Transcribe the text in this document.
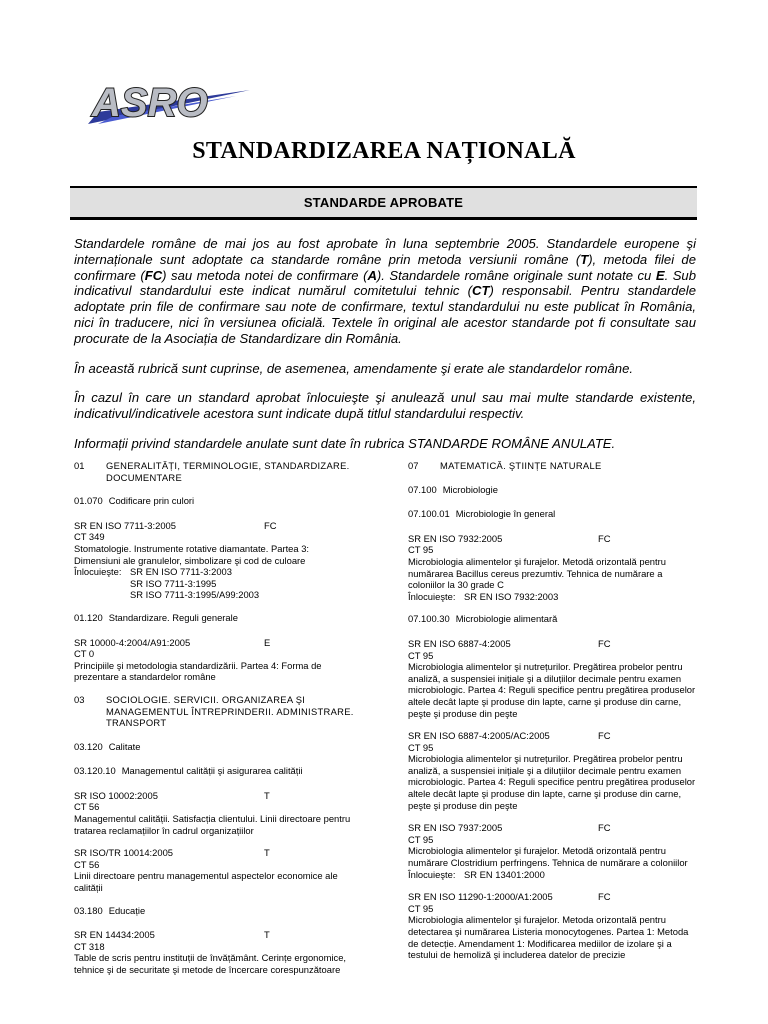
ASRO
STANDARDIZAREA NAȚIONALĂ
STANDARDE APROBATE

Standardele române de mai jos au fost aprobate în luna septembrie 2005. Standardele europene şi internaționale sunt adoptate ca standarde române prin metoda versiunii române (T), metoda filei de confirmare (FC) sau metoda notei de confirmare (A). Standardele române originale sunt notate cu E. Sub indicativul standardului este indicat numărul comitetului tehnic (CT) responsabil. Pentru standardele adoptate prin file de confirmare sau note de confirmare, textul standardului nu este publicat în România, nici în traducere, nici în versiunea oficială. Textele în original ale acestor standarde pot fi consultate sau procurate de la Asociația de Standardizare din România.

În această rubrică sunt cuprinse, de asemenea, amendamente şi erate ale standardelor române.

În cazul în care un standard aprobat înlocuieşte şi anulează unul sau mai multe standarde existente, indicativul/indicativele acestora sunt indicate după titlul standardului respectiv.

Informații privind standardele anulate sunt date în rubrica STANDARDE ROMÂNE ANULATE.

01	GENERALITĂȚI, TERMINOLOGIE, STANDARDIZARE. DOCUMENTARE
01.070 Codificare prin culori
SR EN ISO 7711-3:2005	FC
CT 349
Stomatologie. Instrumente rotative diamantate. Partea 3: Dimensiuni ale granulelor, simbolizare şi cod de culoare
Înlocuieşte: SR EN ISO 7711-3:2003
SR ISO 7711-3:1995
SR ISO 7711-3:1995/A99:2003
01.120 Standardizare. Reguli generale
SR 10000-4:2004/A91:2005	E
CT 0
Principiile şi metodologia standardizării. Partea 4: Forma de prezentare a standardelor române
03	SOCIOLOGIE. SERVICII. ORGANIZAREA ŞI MANAGEMENTUL ÎNTREPRINDERII. ADMINISTRARE. TRANSPORT
03.120 Calitate
03.120.10 Managementul calității şi asigurarea calității
SR ISO 10002:2005	T
CT 56
Managementul calității. Satisfacția clientului. Linii directoare pentru tratarea reclamațiilor în cadrul organizațiilor
SR ISO/TR 10014:2005	T
CT 56
Linii directoare pentru managementul aspectelor economice ale calității
03.180 Educație
SR EN 14434:2005	T
CT 318
Table de scris pentru instituții de învățământ. Cerințe ergonomice, tehnice şi de securitate şi metode de încercare corespunzătoare
07	MATEMATICĂ. ŞTIINȚE NATURALE
07.100 Microbiologie
07.100.01 Microbiologie în general
SR EN ISO 7932:2005	FC
CT 95
Microbiologia alimentelor şi furajelor. Metodă orizontală pentru numărarea Bacillus cereus prezumtiv. Tehnica de numărare a coloniilor la 30 grade C
Înlocuieşte: SR EN ISO 7932:2003
07.100.30 Microbiologie alimentară
SR EN ISO 6887-4:2005	FC
CT 95
Microbiologia alimentelor şi nutrețurilor. Pregătirea probelor pentru analiză, a suspensiei inițiale şi a diluțiilor decimale pentru examen microbiologic. Partea 4: Reguli specifice pentru pregătirea produselor altele decât lapte şi produse din lapte, carne şi produse din carne, peşte şi produse din peşte
SR EN ISO 6887-4:2005/AC:2005	FC
CT 95
Microbiologia alimentelor şi nutrețurilor. Pregătirea probelor pentru analiză, a suspensiei inițiale şi a diluțiilor decimale pentru examen microbiologic. Partea 4: Reguli specifice pentru pregătirea produselor altele decât lapte şi produse din lapte, carne şi produse din carne, peşte şi produse din peşte
SR EN ISO 7937:2005	FC
CT 95
Microbiologia alimentelor şi furajelor. Metodă orizontală pentru numărare Clostridium perfringens. Tehnica de numărare a coloniilor
Înlocuieşte: SR EN 13401:2000
SR EN ISO 11290-1:2000/A1:2005	FC
CT 95
Microbiologia alimentelor şi furajelor. Metoda orizontală pentru detectarea şi numărarea Listeria monocytogenes. Partea 1: Metoda de detecție. Amendament 1: Modificarea mediilor de izolare şi a testului de hemoliză şi includerea datelor de precizie
